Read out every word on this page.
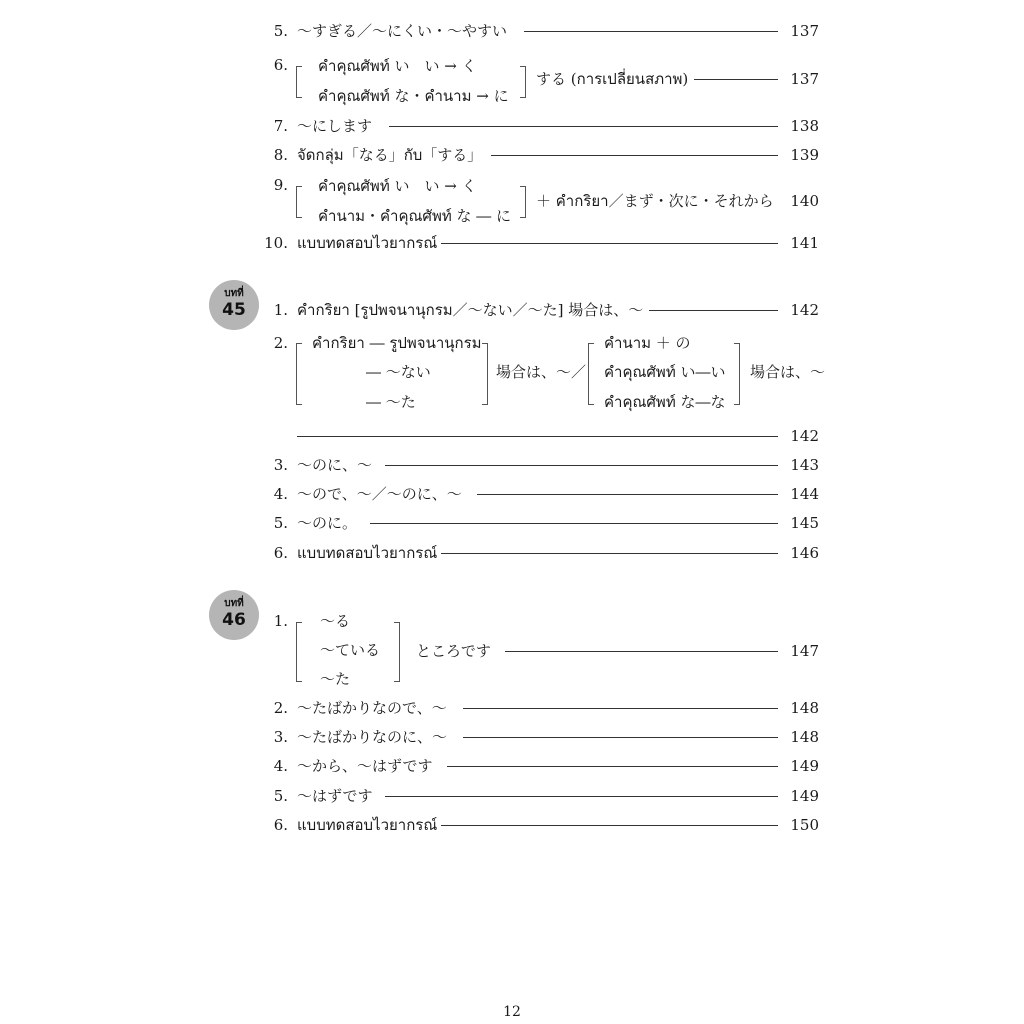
5. ～すぎる／～にくい・～やすい	137
6. คำคุณศัพท์ い　い → く
คำคุณศัพท์ な・คำนาม → に
する (การเปลี่ยนสภาพ)	137
7. ～にします	138
8. จัดกลุ่ม「なる」กับ「する」	139
9. คำคุณศัพท์ い　い → く
คำนาม・คำคุณศัพท์ な ― に
＋ คำกริยา／まず・次に・それから	140
10. แบบทดสอบไวยากรณ์	141
บทที่
45	1. คำกริยา [รูปพจนานุกรม／～ない／～た] 場合は、～	142
2. คำกริยา ― รูปพจนานุกรม
― ～ない
― ～た
場合は、～／
คำนาม ＋ の
คำคุณศัพท์ い―い
คำคุณศัพท์ な―な
場合は、～
142
3. ～のに、～	143
4. ～ので、～／～のに、～	144
5. ～のに。	145
6. แบบทดสอบไวยากรณ์	146
บทที่
46	1. ～る
～ている
～た
ところです	147
2. ～たばかりなので、～	148
3. ～たばかりなのに、～	148
4. ～から、～はずです	149
5. ～はずです	149
6. แบบทดสอบไวยากรณ์	150
12
